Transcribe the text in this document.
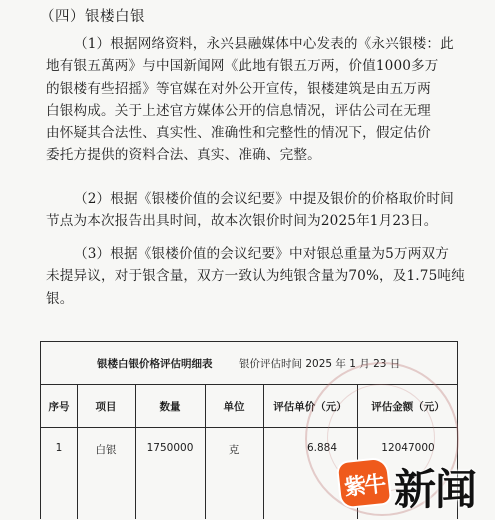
（四）银楼白银
（1）根据网络资料，永兴县融媒体中心发表的《永兴银楼：此
地有银五萬两》与中国新闻网《此地有银五万两，价值1000多万
的银楼有些招摇》等官媒在对外公开宣传，银楼建筑是由五万两
白银构成。关于上述官方媒体公开的信息情况，评估公司在无理
由怀疑其合法性、真实性、准确性和完整性的情况下，假定估价
委托方提供的资料合法、真实、准确、完整。
（2）根据《银楼价值的会议纪要》中提及银价的价格取价时间
节点为本次报告出具时间，故本次银价时间为2025年1月23日。
（3）根据《银楼价值的会议纪要》中对银总重量为5万两双方
未提异议，对于银含量，双方一致认为纯银含量为70%，及1.75吨纯
银。
银楼白银价格评估明细表	银价评估时间 2025 年 1 月 23 日
序号	项目	数量	单位	评估单价（元）	评估金额（元）
1	白银	1750000	克	6.884	12047000
紫牛 新闻
